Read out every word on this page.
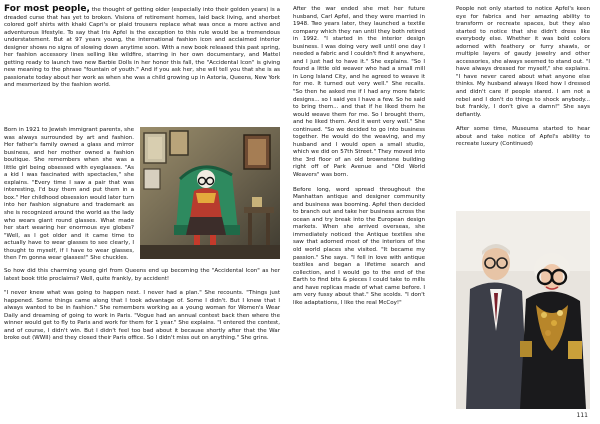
For most people, the thought of getting older (especially into their golden years) is a dreaded curse that has yet to broken. Visions of retirement homes, laid back living, and sherbet colored golf shirts with khaki Capri's or plaid trousers replace what was once a more active and adventurous lifestyle. To say that Iris Apfel is the exception to this rule would be a tremendous understatement. But at 97 years young, the international fashion icon and acclaimed interior designer shows no signs of slowing down anytime soon. With a new book released this past spring, her fashion accessory lines selling like wildfire, starring in her own documentary, and Mattel getting ready to launch two new Barbie Dolls in her honor this fall, the "Accidental Icon" is giving new meaning to the phrase "fountain of youth." And if you ask her, she will tell you that she is as passionate today about her work as when she was a child growing up in Astoria, Queens, New York and mesmerized by the fashion world.

Born in 1921 to Jewish immigrant parents, she was always surrounded by art and fashion. Her father's family owned a glass and mirror business, and her mother owned a fashion boutique. She remembers when she was a little girl being obsessed with eyeglasses. "As a kid I was fascinated with spectacles," she explains. "Every time I saw a pair that was interesting, I'd buy them and put them in a box." Her childhood obsession would later turn into her fashion signature and trademark as she is recognized around the world as the lady who wears giant round glasses. What made her start wearing her enormous eye globes? "Well, as I got older and it came time to actually have to wear glasses to see clearly, I thought to myself, if I have to wear glasses, then I'm gonna wear glasses!" She chuckles.

So how did this charming young girl from Queens end up becoming the "Accidental Icon" as her latest book title proclaims? Well, quite frankly, by accident!

"I never knew what was going to happen next. I never had a plan." She recounts. "Things just happened. Some things came along that I took advantage of. Some I didn't. But I knew that I always wanted to be in fashion." She remembers working as a young woman for Women's Wear Daily and dreaming of going to work in Paris. "Vogue had an annual contest back then where the winner would get to fly to Paris and work for them for 1 year." She explains. "I entered the contest, and of course, I didn't win. But I didn't feel too bad about it because shortly after that the War broke out (WWII) and they closed their Paris office. So I didn't miss out on anything." She grins.

After the war ended she met her future husband, Carl Apfel, and they were married in 1948. Two years later, they launched a textile company which they ran until they both retired in 1992. "I started in the interior design business. I was doing very well until one day I needed a fabric and I couldn't find it anywhere, and I just had to have it." She explains. "So I found a little old weaver who had a small mill in Long Island City, and he agreed to weave it for me. It turned out very well." She recalls. "So then he asked me if I had any more fabric designs... so I said yes I have a few. So he said to bring them... and that if he liked them he would weave them for me. So I brought them, and he liked them. And it went very well." She continued. "So we decided to go into business together. He would do the weaving, and my husband and I would open a small studio, which we did on 57th Street." They moved into the 3rd floor of an old brownstone building right off of Park Avenue and "Old World Weavers" was born.

Before long, word spread throughout the Manhattan antique and designer community and business was booming. Apfel then decided to branch out and take her business across the ocean and try break into the European design markets. When she arrived overseas, she immediately noticed the Antique textiles she saw that adorned most of the interiors of the old world places she visited. "It became my passion." She says. "I fell in love with antique textiles and began a lifetime search and collection, and I would go to the end of the Earth to find bits & pieces I could take to mills and have replicas made of what came before. I am very fussy about that." She scolds. "I don't like adaptations, I like the real McCoy!"

People not only started to notice Apfel's keen eye for fabrics and her amazing ability to transform or recreate spaces, but they also started to notice that she didn't dress like everybody else. Whether it was bold colors adorned with feathery or furry shawls, or multiple layers of gaudy jewelry and other accessories, she always seemed to stand out. "I have always dressed for myself," she explains. "I have never cared about what anyone else thinks. My husband always liked how I dressed and didn't care if people stared. I am not a rebel and I don't do things to shock anybody... but frankly, I don't give a damn!" She says defiantly.

After some time, Museums started to hear about and take notice of Apfel's ability to recreate luxury (Continued)

111
